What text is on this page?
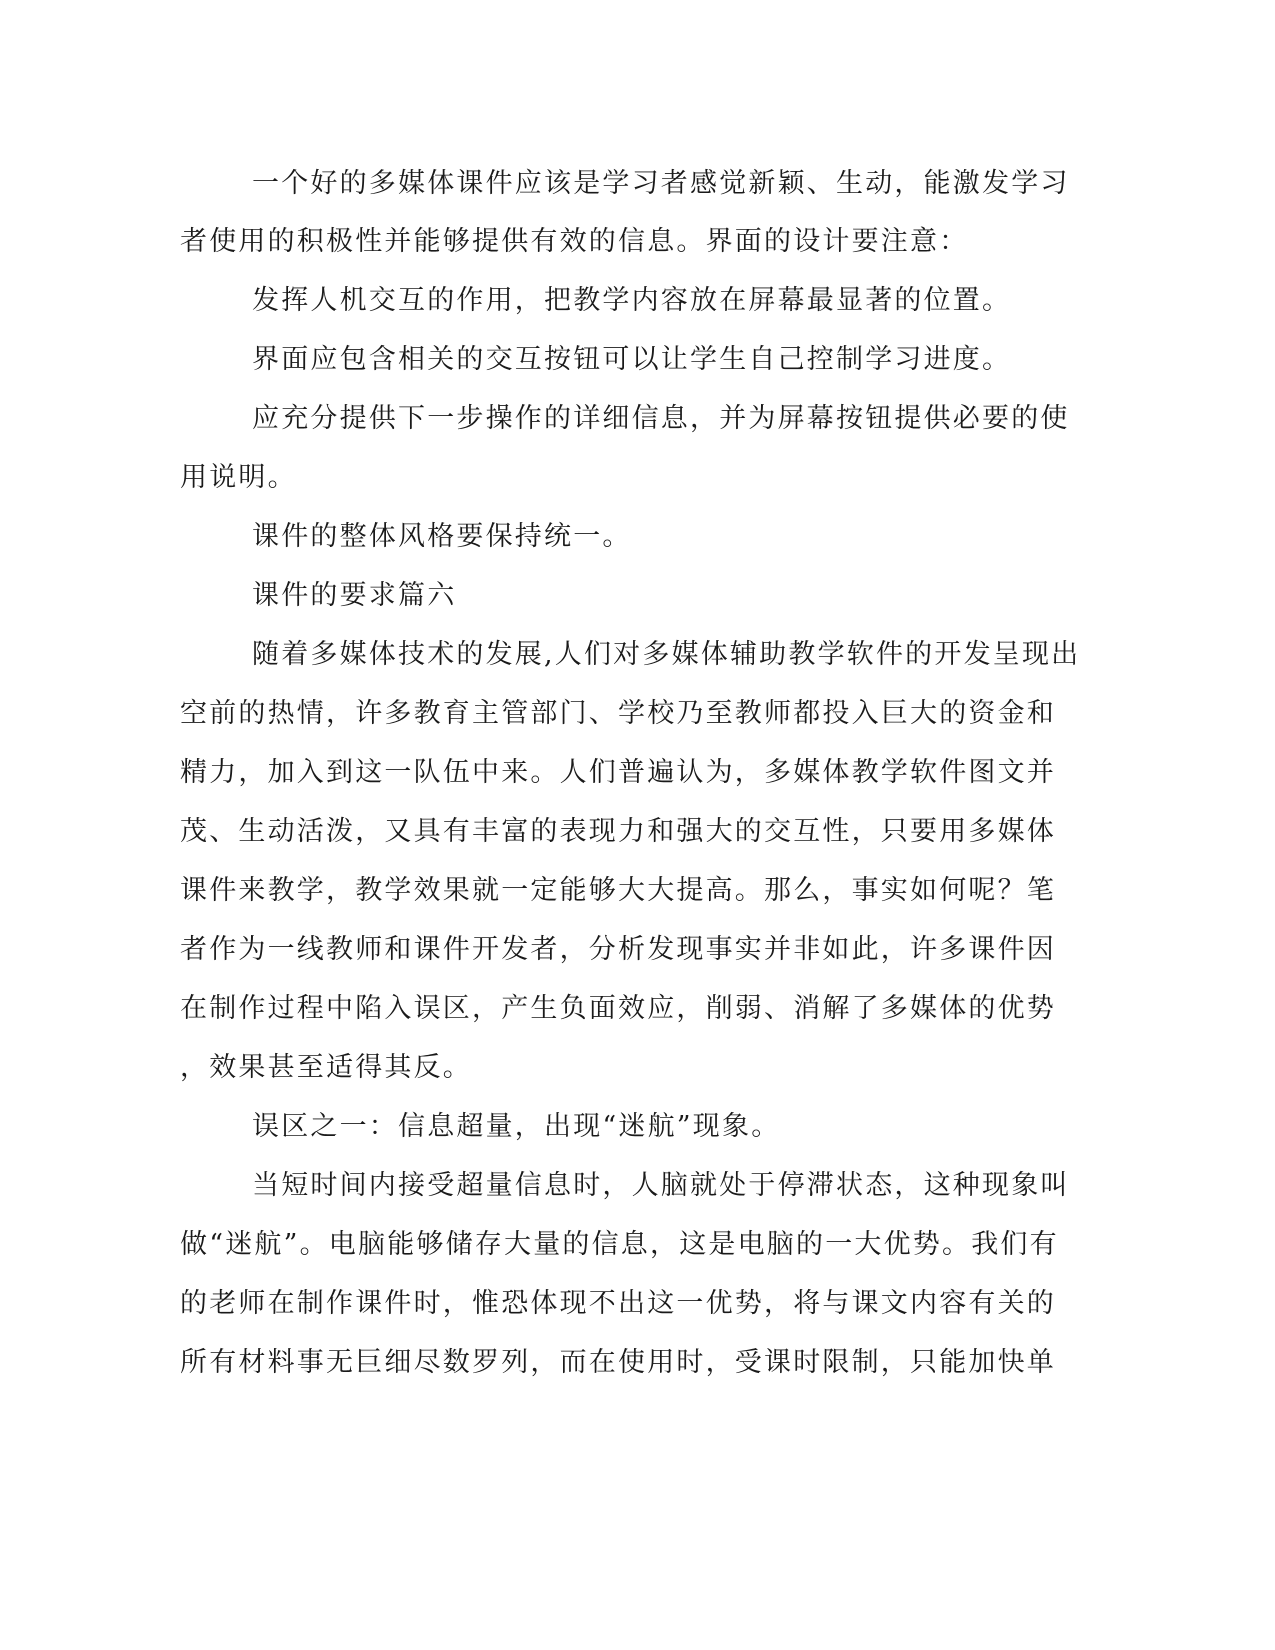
一个好的多媒体课件应该是学习者感觉新颖、生动，能激发学习
者使用的积极性并能够提供有效的信息。界面的设计要注意：
发挥人机交互的作用，把教学内容放在屏幕最显著的位置。
界面应包含相关的交互按钮可以让学生自己控制学习进度。
应充分提供下一步操作的详细信息，并为屏幕按钮提供必要的使
用说明。
课件的整体风格要保持统一。
课件的要求篇六
随着多媒体技术的发展,人们对多媒体辅助教学软件的开发呈现出
空前的热情，许多教育主管部门、学校乃至教师都投入巨大的资金和
精力，加入到这一队伍中来。人们普遍认为，多媒体教学软件图文并
茂、生动活泼，又具有丰富的表现力和强大的交互性，只要用多媒体
课件来教学，教学效果就一定能够大大提高。那么，事实如何呢？笔
者作为一线教师和课件开发者，分析发现事实并非如此，许多课件因
在制作过程中陷入误区，产生负面效应，削弱、消解了多媒体的优势
，效果甚至适得其反。
误区之一：信息超量，出现“迷航”现象。
当短时间内接受超量信息时，人脑就处于停滞状态，这种现象叫
做“迷航”。电脑能够储存大量的信息，这是电脑的一大优势。我们有
的老师在制作课件时，惟恐体现不出这一优势，将与课文内容有关的
所有材料事无巨细尽数罗列，而在使用时，受课时限制，只能加快单
